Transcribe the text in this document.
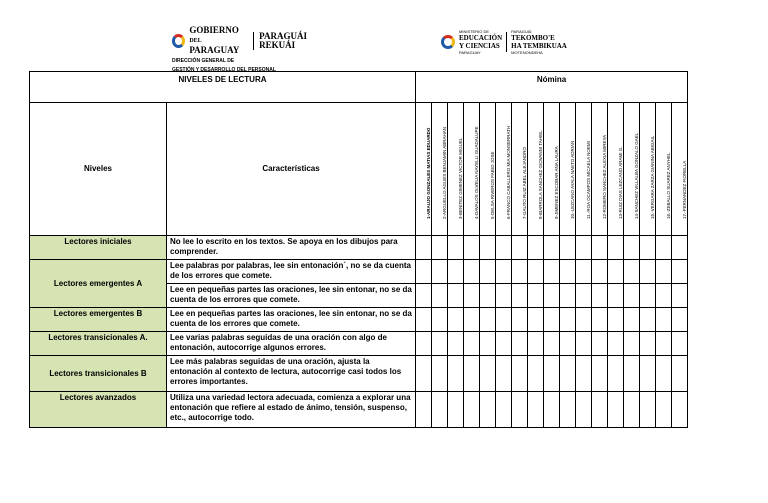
GOBIERNO DEL
PARAGUAY
PARAGUÁI
REKUÁI
DIRECCIÓN GENERAL DE
GESTIÓN Y DESARROLLO DEL PERSONAL
MINISTERIO DE
EDUCACIÓN
Y CIENCIAS
PARAGUAY
PARAGUÁI
TEKOMBO'E
HA TEMBIKUAA
MOTENONDEHA
NIVELES DE LECTURA		Nómina																
Niveles	Características	1-ARAUJO GONZALES MATIAS EDUARDO	2-ARGUELLO AGUES BENJAMIN ABRAHAN	3-BENITEZ GIMENEZ VICTOR MIGUEL	4-DAVALOS OLVELIA NAYELLI GUADALUPE	5-DELSA RIVEROS FABIO JOSE	6-FRANCO CABALLERO MIA MONSERRATH	7-GAUTO RUIZ ABEL ALEJANDRO	8-IBARROLA SANCHEZ GIOVANNI TAHIEL	9-JIMENEZ ESCOBAR ANA LAURA	10.-LEZCANO AYALA NAETO ADRIAN	11.-ROA OCAMPOS MICAELA NOEMI	12-ROMERO SANCHEZ ALEXIA MIREYA	13-RUIZ DIAS LEZCANO ARAMI G.	14-SANCHEZ VILLALBA GONZALO GAEL	15.-VERGARA ZARZA GIANINA ABIGAIL	16.-ZEBALLO SUAREZ ANYHEL	17.-FERNANDEZ FIORELLA

Lectores iniciales	No lee lo escrito en los textos. Se apoya en los dibujos para comprender.																	
Lectores emergentes A	Lee palabras por palabras, lee sin entonación´, no se da cuenta de los errores que comete.																	
	Lee en pequeñas partes las oraciones, lee sin entonar, no se da cuenta de los errores que comete.																	
Lectores emergentes B	Lee en pequeñas partes las oraciones, lee sin entonar, no se da cuenta de los errores que comete.																	
Lectores transicionales A.	Lee varias palabras seguidas de una oración con algo de entonación, autocorrige algunos errores.																	
Lectores transicionales B	Lee más palabras seguidas de una oración, ajusta la entonación al contexto de lectura, autocorrige casi todos los errores importantes.																	
Lectores avanzados	Utiliza una variedad lectora adecuada, comienza a explorar una entonación que refiere al estado de ánimo, tensión, suspenso, etc., autocorrige todo.																	
